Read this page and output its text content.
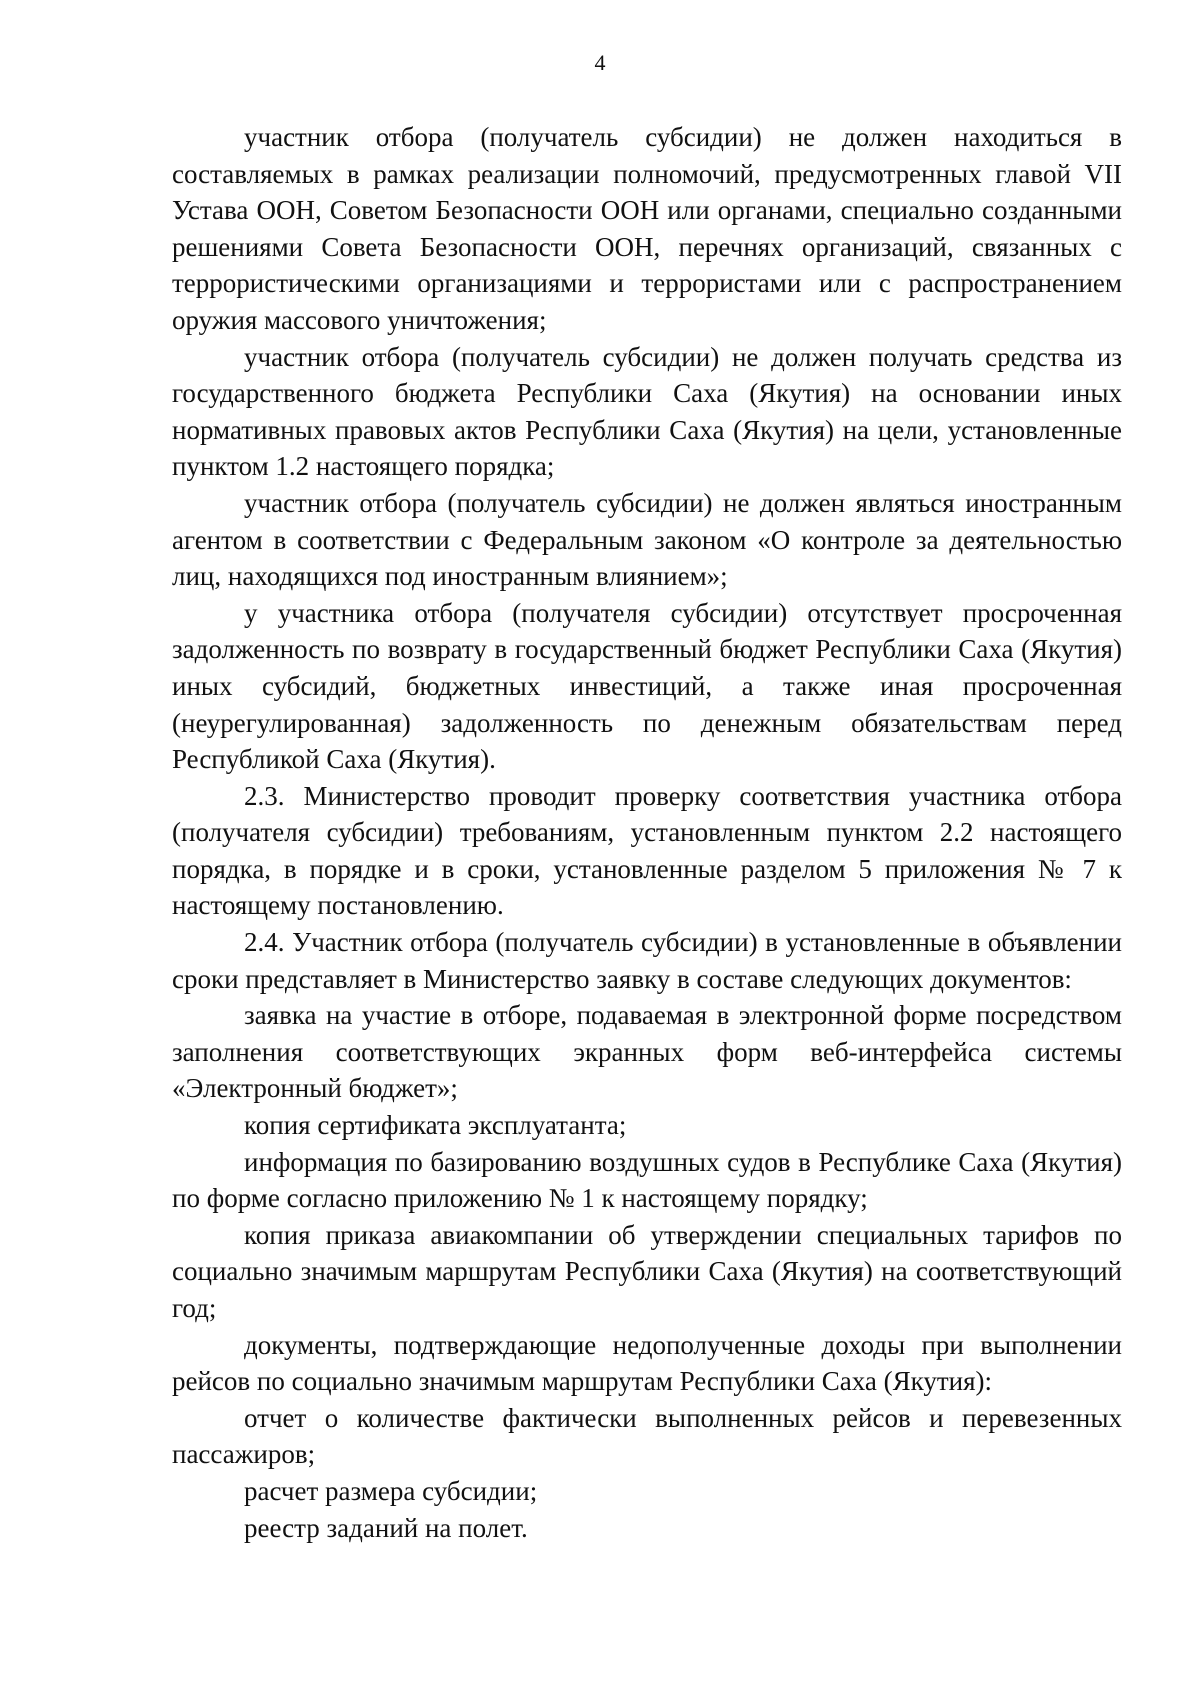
4

участник отбора (получатель субсидии) не должен находиться в составляемых в рамках реализации полномочий, предусмотренных главой VII Устава ООН, Советом Безопасности ООН или органами, специально созданными решениями Совета Безопасности ООН, перечнях организаций, связанных с террористическими организациями и террористами или с распространением оружия массового уничтожения;

участник отбора (получатель субсидии) не должен получать средства из государственного бюджета Республики Саха (Якутия) на основании иных нормативных правовых актов Республики Саха (Якутия) на цели, установленные пунктом 1.2 настоящего порядка;

участник отбора (получатель субсидии) не должен являться иностранным агентом в соответствии с Федеральным законом «О контроле за деятельностью лиц, находящихся под иностранным влиянием»;

у участника отбора (получателя субсидии) отсутствует просроченная задолженность по возврату в государственный бюджет Республики Саха (Якутия) иных субсидий, бюджетных инвестиций, а также иная просроченная (неурегулированная) задолженность по денежным обязательствам перед Республикой Саха (Якутия).

2.3. Министерство проводит проверку соответствия участника отбора (получателя субсидии) требованиям, установленным пунктом 2.2 настоящего порядка, в порядке и в сроки, установленные разделом 5 приложения № 7 к настоящему постановлению.

2.4. Участник отбора (получатель субсидии) в установленные в объявлении сроки представляет в Министерство заявку в составе следующих документов:

заявка на участие в отборе, подаваемая в электронной форме посредством заполнения соответствующих экранных форм веб-интерфейса системы «Электронный бюджет»;

копия сертификата эксплуатанта;

информация по базированию воздушных судов в Республике Саха (Якутия) по форме согласно приложению № 1 к настоящему порядку;

копия приказа авиакомпании об утверждении специальных тарифов по социально значимым маршрутам Республики Саха (Якутия) на соответствующий год;

документы, подтверждающие недополученные доходы при выполнении рейсов по социально значимым маршрутам Республики Саха (Якутия):

отчет о количестве фактически выполненных рейсов и перевезенных пассажиров;

расчет размера субсидии;

реестр заданий на полет.
